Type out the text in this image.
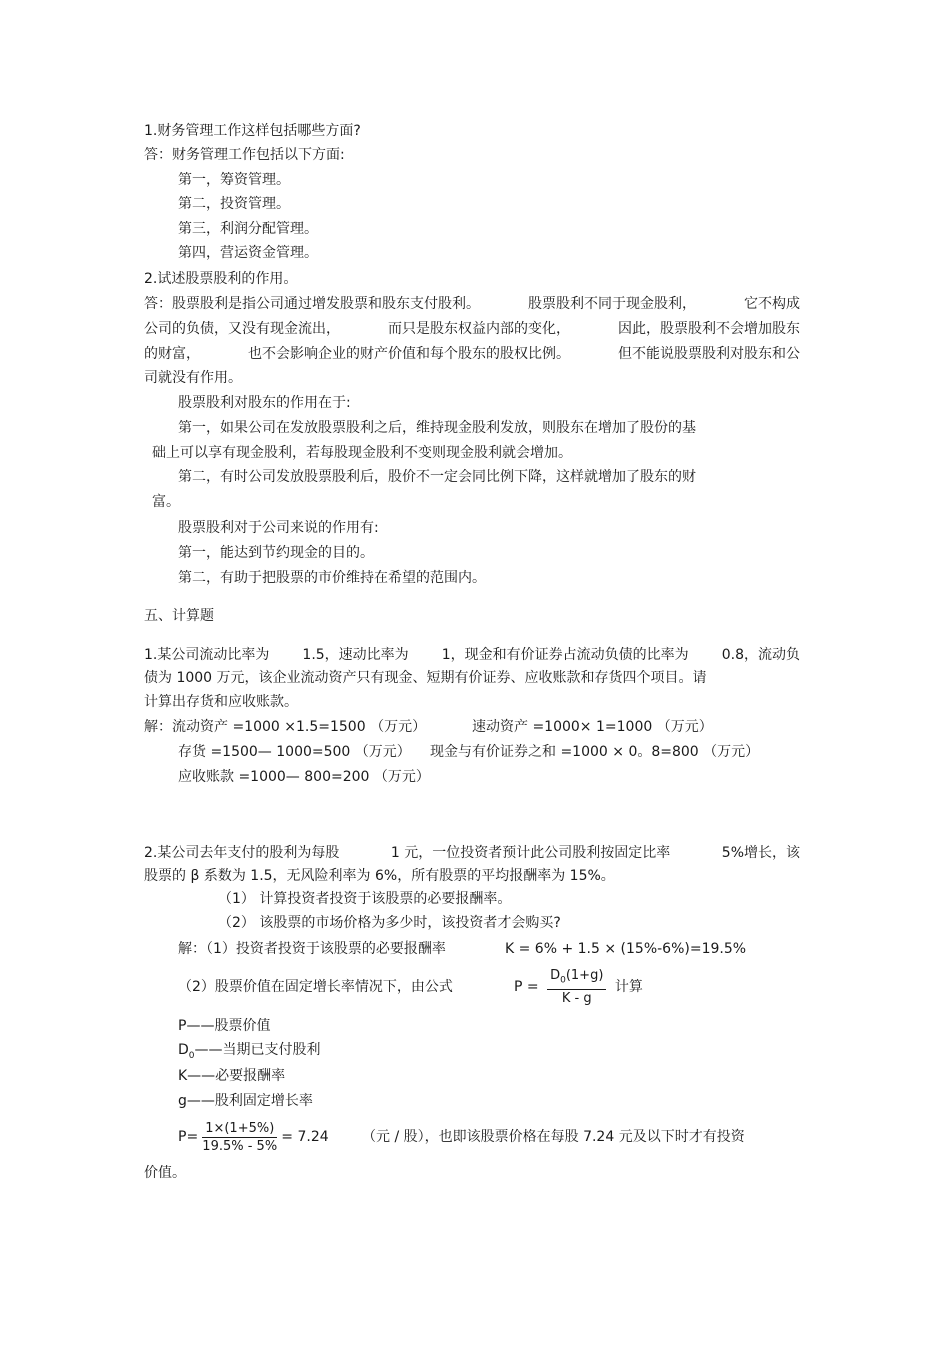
1.财务管理工作这样包括哪些方面?
答：财务管理工作包括以下方面:
第一，筹资管理。
第二，投资管理。
第三，利润分配管理。
第四，营运资金管理。
2.试述股票股利的作用。
答：股票股利是指公司通过增发股票和股东支付股利。	股票股利不同于现金股利，	它不构成
公司的负债，又没有现金流出，	而只是股东权益内部的变化，	因此，股票股利不会增加股东
的财富，	也不会影响企业的财产价值和每个股东的股权比例。	但不能说股票股利对股东和公
司就没有作用。
股票股利对股东的作用在于:
第一，如果公司在发放股票股利之后，维持现金股利发放，则股东在增加了股份的基
础上可以享有现金股利，若每股现金股利不变则现金股利就会增加。
第二，有时公司发放股票股利后，股价不一定会同比例下降，这样就增加了股东的财
富。
股票股利对于公司来说的作用有:
第一，能达到节约现金的目的。
第二，有助于把股票的市价维持在希望的范围内。
五、计算题
1.某公司流动比率为 1.5，速动比率为 1，现金和有价证券占流动负债的比率为 0.8，流动负
债为 1000 万元，该企业流动资产只有现金、短期有价证券、应收账款和存货四个项目。请
计算出存货和应收账款。
解：流动资产 =1000 ×1.5=1500 （万元）	速动资产 =1000× 1=1000 （万元）
存货 =1500— 1000=500 （万元） 现金与有价证券之和 =1000 × 0。8=800 （万元）
应收账款 =1000— 800=200 （万元）
2.某公司去年支付的股利为每股	1 元，一位投资者预计此公司股利按固定比率	5%增长，该
股票的 β 系数为 1.5，无风险利率为 6%，所有股票的平均报酬率为 15%。
（1） 计算投资者投资于该股票的必要报酬率。
（2） 该股票的市场价格为多少时，该投资者才会购买?
解：（1）投资者投资于该股票的必要报酬率	K = 6% + 1.5 × (15%-6%)=19.5%
（2）股票价值在固定增长率情况下，由公式	$P = \frac{D_0(1+g)}{K - g}$ 计算
P——股票价值
$D_0——$当期已支付股利
K——必要报酬率
g——股利固定增长率
$P= \frac{1\times(1+5\%)}{19.5\% - 5\%} = 7.24$ （元 / 股），也即该股票价格在每股 7.24 元及以下时才有投资
价值。
